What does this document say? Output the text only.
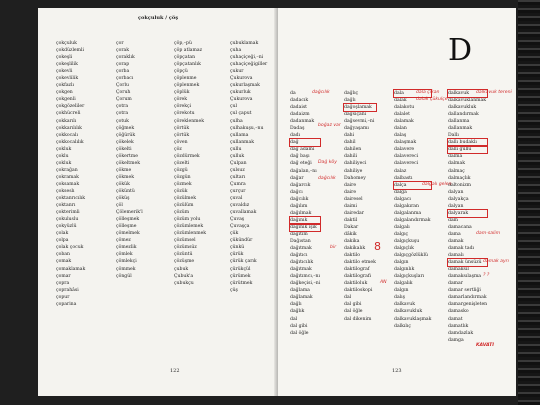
çokçuluk / çöş
çokçuluk
çokdüzlemli
çokeşli
çokeşlilik
çokevli
çokevlilik
çokfazlı
çokgen
çokgenli
çokgözeliler
çokhücreli
çokkarılı
çokkarılılık
çokkocalı
çokkocalılık
çokluk
çoklu
çokluk
çokrağan
çokramak
çoksamak
çokseslı
çoktanrıcılık
çoktanrı
çokterimli
çokuluslu
çokyüzlü
çolak
çolpa
çolak çocuk
çoban
çomak
çomaklamak
çomar
çopra
çoprahâsi
çopur
çoparina
çor
çorak
çoraklık
çorap
çorba
çorbacı
Çorlu
Çoruh
Çorum
çotra
çotra
çotuk
çöğmek
çöğürük
çökelek
çökelti
çökertme
çökeltmek
çökme
çökmek
çökük
çöküntü
çöküş
çöl
Çölemerik'l
çölleşmek
çölleşme
çömelmek
çömez
çömezlik
çömlek
çömlekçi
çömmek
çöngül
çöp,–pü
çöp atlamaz
çöpçatan
çöpçatanlık
çöpçü
çöplenme
çöplenmek
çöplük
çörek
çörekçi
çörekotu
çöreklenmek
çörtük
çörtük
çöven
çöz
çözdürmek
çözelti
çözgü
çözgün
çözmek
çözük
çözülmek
çözülüm
çözüm
çözüm yolu
çözümlemek
çözümlenmek
çözümsel
çözümsüz
çözüntü
çözüşme
çubuk
Çubuk'a
çubukçu
çubuklamak
çuha
çuhaçiçeği,–ni
çuhaçiçeğigiller
çukur
Çukurova
çukurlaşmak
çukurluk
Çukurova
çul
çul çaput
çulha
çulhakuşu,–nu
çullama
çullanmak
çullu
çulluk
Çulpan
çulsuz
çultarı
Çumra
çurçur
çuval
çuvaldız
çuvallamak
Çuvaş
Çuvaşça
çük
çükündür
çünkü
çürük
çürük çarık
çürükçül
çürümek
çürütmek
çüş
122
D
da
dadacık
dadaist
dadaizm
dadanmak
Dadaş
dadı
dağ
dağ adamı
dağ başı
dağ eteği
dağalan,–nı
dağar
dağarcık
dağcı
dağcılık
dağılım
dağılmak
dağınık
dağınık ışık
dağıtım
Dağıstan
dağıtmak
dağıtıcı
dağıtıcılık
dağıtmak
dağıtımcı,–nı
dağkeçisi,–ni
dağlama
dağlamak
dağlı
dağlık
dal
dal gibi
dal öğle
dağlıç
dağlı
dağoşlamak
dağsıçanı
dağsevmi,–ni
dağyaşamı
dahi
dahil
dahilen
dahili
dahiliyeci
dahiliye
Dahomey
daire
daire
dairesel
daimi
dairedar
daktil
Dakar
dâkik
dakika
dakikalık
daktilo
daktilo etmek
daktilograf
daktilografi
daktiloluk
daktiloskopi
dal
dal gibi
dal öğle
dal dikenim
dala
dalak
dalakotu
dalalet
dalamak
dalan
dalaş
dalaşmak
dalavere
dalavereci
dalavereci
dalaz
dalbastı
dalça
dalga
dalgacı
dalgakıran
dalgalanma
dalgalandırmak
dalgalı
dalgıç
dalgıçkuşu
dalgıçlık
dalgıçgözlüklü
dalgın
dalgınlık
dalgıçkuşları
dalgalık
dalgın
dalış
dalkavuk
dalkavukluk
dalkavuklaşmak
dalkılıç
dalkavuk
dalkavuklanmak
dalkavukluk
dallandırmak
dallanma
dallanmak
Dallı
dallı budaklı
dallı güllü
dalma
dalmak
dalmaç
dalmaçlık
daltonizm
dalyan
dalyakça
dalyan
dalyarak
dam
damacana
dama
damak
damak tadı
damalı
damak ünsüzü
damaksıl
damaksılaşma
damar
damar sertliği
damarlandırmak
damargenişleten
damasko
damat
damatlık
damdazlak
damga
dağcılık
boğaz var
Dağ köy
dağcılık
bir	8
AN
dala çıkan
dalak çükulçe
dalgalı gelen
dalkavuk tereni
dam-salim
damak ayrı
? ?
KAVATI
123
